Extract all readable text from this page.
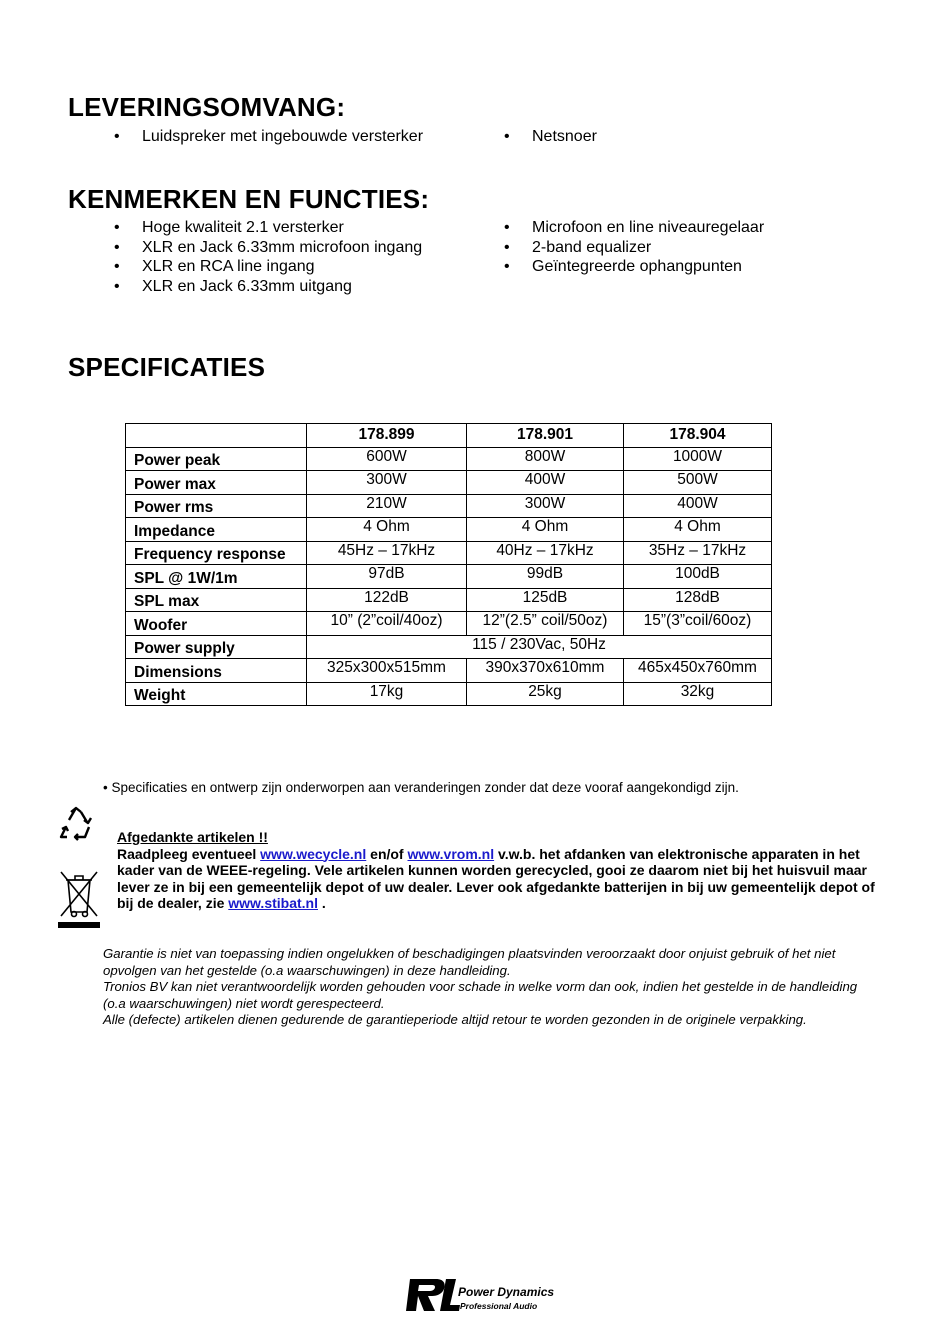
LEVERINGSOMVANG:
• Luidspreker met ingebouwde versterker	• Netsnoer
KENMERKEN EN FUNCTIES:
• Hoge kwaliteit 2.1 versterker
• XLR en Jack 6.33mm microfoon ingang
• XLR en RCA line ingang
• XLR en Jack 6.33mm uitgang
• Microfoon en line niveauregelaar
• 2-band equalizer
• Geïntegreerde ophangpunten
SPECIFICATIES
	178.899	178.901	178.904
Power peak	600W	800W	1000W
Power max	300W	400W	500W
Power rms	210W	300W	400W
Impedance	4 Ohm	4 Ohm	4 Ohm
Frequency response	45Hz – 17kHz	40Hz – 17kHz	35Hz – 17kHz
SPL @ 1W/1m	97dB	99dB	100dB
SPL max	122dB	125dB	128dB
Woofer	10” (2”coil/40oz)	12”(2.5” coil/50oz)	15”(3”coil/60oz)
Power supply	115 / 230Vac, 50Hz		
Dimensions	325x300x515mm	390x370x610mm	465x450x760mm
Weight	17kg	25kg	32kg
• Specificaties en ontwerp zijn onderworpen aan veranderingen zonder dat deze vooraf aangekondigd zijn.
Afgedankte artikelen !!
Raadpleeg eventueel www.wecycle.nl en/of www.vrom.nl v.w.b. het afdanken van elektronische apparaten in het kader van de WEEE-regeling. Vele artikelen kunnen worden gerecycled, gooi ze daarom niet bij het huisvuil maar lever ze in bij een gemeentelijk depot of uw dealer. Lever ook afgedankte batterijen in bij uw gemeentelijk depot of bij de dealer, zie www.stibat.nl .
Garantie is niet van toepassing indien ongelukken of beschadigingen plaatsvinden veroorzaakt door onjuist gebruik of het niet opvolgen van het gestelde (o.a waarschuwingen) in deze handleiding.
Tronios BV kan niet verantwoordelijk worden gehouden voor schade in welke vorm dan ook, indien het gestelde in de handleiding (o.a waarschuwingen) niet wordt gerespecteerd.
Alle (defecte) artikelen dienen gedurende de garantieperiode altijd retour te worden gezonden in de originele verpakking.
Power Dynamics
Professional Audio
